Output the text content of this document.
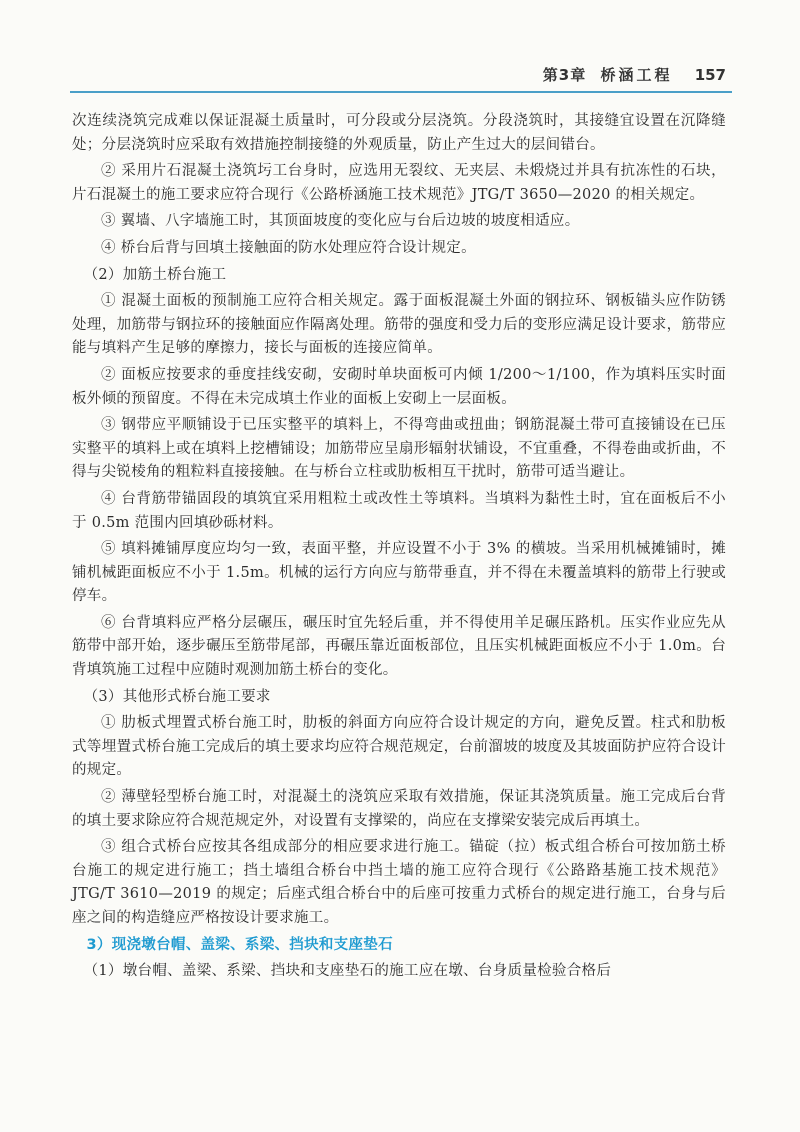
第3章 桥涵工程 157

次连续浇筑完成难以保证混凝土质量时，可分段或分层浇筑。分段浇筑时，其接缝宜设置在沉降缝处；分层浇筑时应采取有效措施控制接缝的外观质量，防止产生过大的层间错台。

② 采用片石混凝土浇筑圬工台身时，应选用无裂纹、无夹层、未煅烧过并具有抗冻性的石块，片石混凝土的施工要求应符合现行《公路桥涵施工技术规范》JTG/T 3650—2020 的相关规定。

③ 翼墙、八字墙施工时，其顶面坡度的变化应与台后边坡的坡度相适应。

④ 桥台后背与回填土接触面的防水处理应符合设计规定。

（2）加筋土桥台施工

① 混凝土面板的预制施工应符合相关规定。露于面板混凝土外面的钢拉环、钢板锚头应作防锈处理，加筋带与钢拉环的接触面应作隔离处理。筋带的强度和受力后的变形应满足设计要求，筋带应能与填料产生足够的摩擦力，接长与面板的连接应简单。

② 面板应按要求的垂度挂线安砌，安砌时单块面板可内倾 1/200～1/100，作为填料压实时面板外倾的预留度。不得在未完成填土作业的面板上安砌上一层面板。

③ 钢带应平顺铺设于已压实整平的填料上，不得弯曲或扭曲；钢筋混凝土带可直接铺设在已压实整平的填料上或在填料上挖槽铺设；加筋带应呈扇形辐射状铺设，不宜重叠，不得卷曲或折曲，不得与尖锐棱角的粗粒料直接接触。在与桥台立柱或肋板相互干扰时，筋带可适当避让。

④ 台背筋带锚固段的填筑宜采用粗粒土或改性土等填料。当填料为黏性土时，宜在面板后不小于 0.5m 范围内回填砂砾材料。

⑤ 填料摊铺厚度应均匀一致，表面平整，并应设置不小于 3% 的横坡。当采用机械摊铺时，摊铺机械距面板应不小于 1.5m。机械的运行方向应与筋带垂直，并不得在未覆盖填料的筋带上行驶或停车。

⑥ 台背填料应严格分层碾压，碾压时宜先轻后重，并不得使用羊足碾压路机。压实作业应先从筋带中部开始，逐步碾压至筋带尾部，再碾压靠近面板部位，且压实机械距面板应不小于 1.0m。台背填筑施工过程中应随时观测加筋土桥台的变化。

（3）其他形式桥台施工要求

① 肋板式埋置式桥台施工时，肋板的斜面方向应符合设计规定的方向，避免反置。柱式和肋板式等埋置式桥台施工完成后的填土要求均应符合规范规定，台前溜坡的坡度及其坡面防护应符合设计的规定。

② 薄壁轻型桥台施工时，对混凝土的浇筑应采取有效措施，保证其浇筑质量。施工完成后台背的填土要求除应符合规范规定外，对设置有支撑梁的，尚应在支撑梁安装完成后再填土。

③ 组合式桥台应按其各组成部分的相应要求进行施工。锚碇（拉）板式组合桥台可按加筋土桥台施工的规定进行施工；挡土墙组合桥台中挡土墙的施工应符合现行《公路路基施工技术规范》JTG/T 3610—2019 的规定；后座式组合桥台中的后座可按重力式桥台的规定进行施工，台身与后座之间的构造缝应严格按设计要求施工。

3）现浇墩台帽、盖梁、系梁、挡块和支座垫石

（1）墩台帽、盖梁、系梁、挡块和支座垫石的施工应在墩、台身质量检验合格后
